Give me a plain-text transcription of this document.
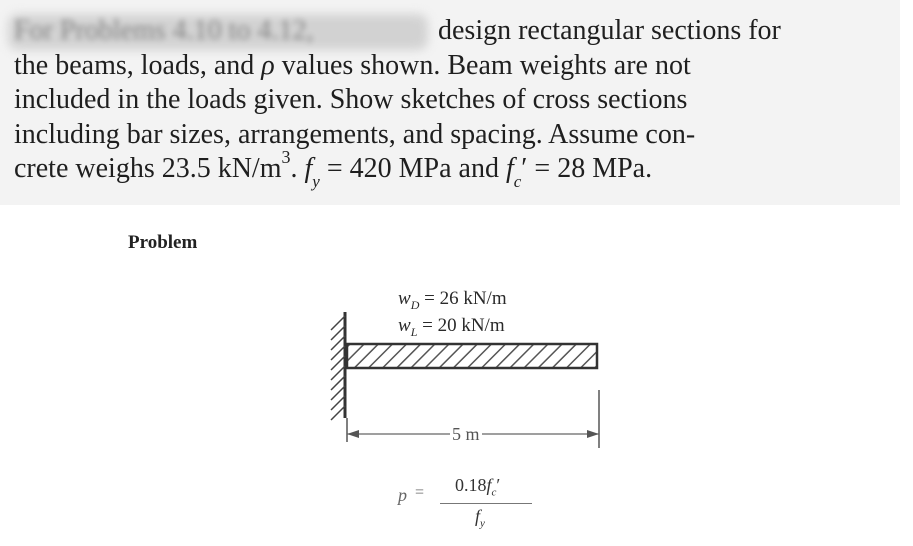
For Problems 4.10 to 4.12,	design rectangular sections for
the beams, loads, and ρ values shown. Beam weights are not
included in the loads given. Show sketches of cross sections
including bar sizes, arrangements, and spacing. Assume con-
crete weighs 23.5 $kN/m^3$. $f_y = 420$ MPa and $f_c' = 28$ MPa.
Problem
$w_D = 26$ kN/m
$w_L = 20$ kN/m
5 m
$p = 0.18f_c'$
$f_y$
